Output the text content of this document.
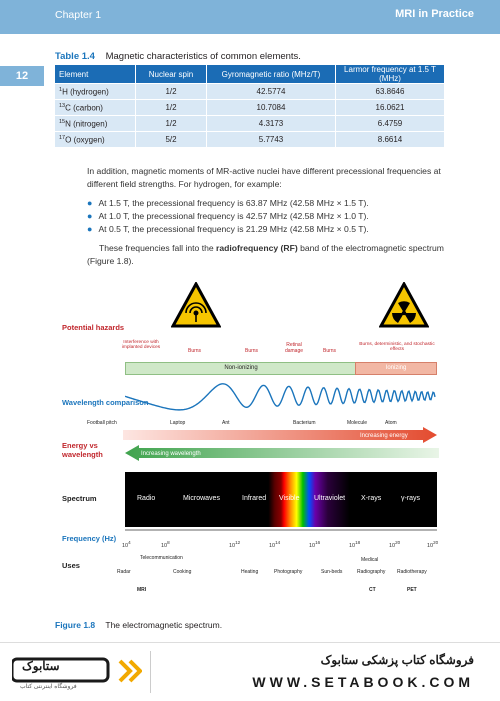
Chapter 1	MRI in Practice
12
Table 1.4 Magnetic characteristics of common elements.
Element	Nuclear spin	Gyromagnetic ratio (MHz/T)	Larmor frequency at 1.5 T (MHz)
$^1$H (hydrogen)	1/2	42.5774	63.8646
$^{13}$C (carbon)	1/2	10.7084	16.0621
$^{15}$N (nitrogen)	1/2	4.3173	6.4759
$^{17}$O (oxygen)	5/2	5.7743	8.6614
In addition, magnetic moments of MR-active nuclei have different precessional frequencies at different field strengths. For hydrogen, for example:
● At 1.5 T, the precessional frequency is 63.87 MHz (42.58 MHz × 1.5 T).
● At 1.0 T, the precessional frequency is 42.57 MHz (42.58 MHz × 1.0 T).
● At 0.5 T, the precessional frequency is 21.29 MHz (42.58 MHz × 0.5 T).
These frequencies fall into the radiofrequency (RF) band of the electromagnetic spectrum (Figure 1.8).
Potential hazards
Interference with implanted devices
Burns	Burns
Retinal damage	Burns
Burns, deterministic, and stochastic effects
Non-ionizing	Ionizing
Wavelength comparison
Football pitch	Laptop	Ant	Bacterium	Molecule	Atom
Energy vs wavelength
Increasing energy
Increasing wavelength
Spectrum	Radio	Microwaves	Infrared Visible Ultraviolet X-rays	γ-rays
Frequency (Hz)
$10^4$
$10^8$
$10^{12}$
$10^{14}$
$10^{16}$
$10^{18}$
$10^{20}$
$10^{20}$
Uses
Telecommunication	Medical
Radar	Cooking	Heating	Photography	Sun-beds	Radiography Radiotherapy
MRI	CT	PET
Figure 1.8 The electromagnetic spectrum.
ستابوک
فروشگاه اینترنتی کتاب
فروشگاه کتاب پزشکی ستابوک
WWW.SETABOOK.COM
